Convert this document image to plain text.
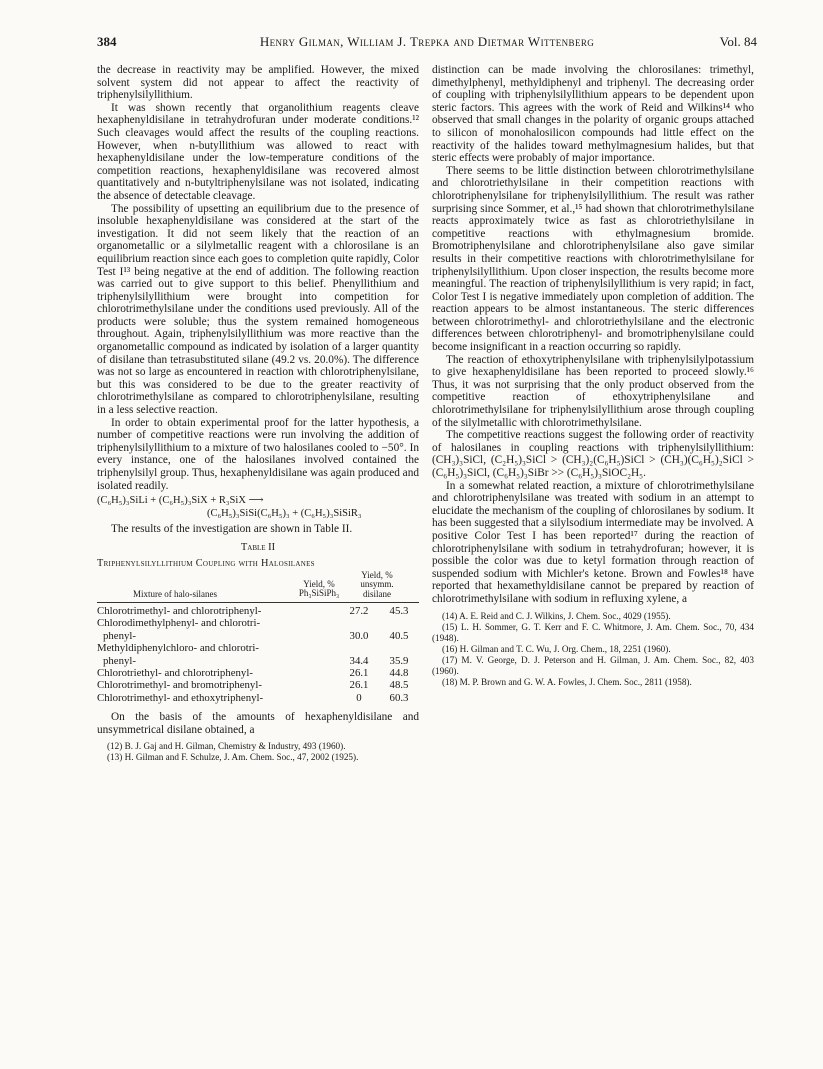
384	Henry Gilman, William J. Trepka and Dietmar Wittenberg	Vol. 84

the decrease in reactivity may be amplified. However, the mixed solvent system did not appear to affect the reactivity of triphenylsilyllithium.

It was shown recently that organolithium reagents cleave hexaphenyldisilane in tetrahydrofuran under moderate conditions.¹² Such cleavages would affect the results of the coupling reactions. However, when n-butyllithium was allowed to react with hexaphenyldisilane under the low-temperature conditions of the competition reactions, hexaphenyldisilane was recovered almost quantitatively and n-butyltriphenylsilane was not isolated, indicating the absence of detectable cleavage.

The possibility of upsetting an equilibrium due to the presence of insoluble hexaphenyldisilane was considered at the start of the investigation. It did not seem likely that the reaction of an organometallic or a silylmetallic reagent with a chlorosilane is an equilibrium reaction since each goes to completion quite rapidly, Color Test I¹³ being negative at the end of addition. The following reaction was carried out to give support to this belief. Phenyllithium and triphenylsilyllithium were brought into competition for chlorotrimethylsilane under the conditions used previously. All of the products were soluble; thus the system remained homogeneous throughout. Again, triphenylsilyllithium was more reactive than the organometallic compound as indicated by isolation of a larger quantity of disilane than tetrasubstituted silane (49.2 vs. 20.0%). The difference was not so large as encountered in reaction with chlorotriphenylsilane, but this was considered to be due to the greater reactivity of chlorotrimethylsilane as compared to chlorotriphenylsilane, resulting in a less selective reaction.

In order to obtain experimental proof for the latter hypothesis, a number of competitive reactions were run involving the addition of triphenylsilyllithium to a mixture of two halosilanes cooled to −50°. In every instance, one of the halosilanes involved contained the triphenylsilyl group. Thus, hexaphenyldisilane was again produced and isolated readily.

(C₆H₅)₃SiLi + (C₆H₅)₃SiX + R₃SiX ⟶
(C₆H₅)₃SiSi(C₆H₅)₃ + (C₆H₅)₃SiSiR₃

The results of the investigation are shown in Table II.

Table II
Triphenylsilyllithium Coupling with Halosilanes
Mixture of halo-silanes
Yield, % Ph₃SiSiPh₃
Yield, % unsymm. disilane
Chlorotrimethyl- and chlorotriphenyl-	27.2	45.3
Chlorodimethylphenyl- and chlorotri-		
phenyl-	30.0	40.5
Methyldiphenylchloro- and chlorotri-		
phenyl-	34.4	35.9
Chlorotriethyl- and chlorotriphenyl-	26.1	44.8
Chlorotrimethyl- and bromotriphenyl-	26.1	48.5
Chlorotrimethyl- and ethoxytriphenyl-	0	60.3

On the basis of the amounts of hexaphenyldisilane and unsymmetrical disilane obtained, a

(12) B. J. Gaj and H. Gilman, Chemistry & Industry, 493 (1960).

(13) H. Gilman and F. Schulze, J. Am. Chem. Soc., 47, 2002 (1925).

distinction can be made involving the chlorosilanes: trimethyl, dimethylphenyl, methyldiphenyl and triphenyl. The decreasing order of coupling with triphenylsilyllithium appears to be dependent upon steric factors. This agrees with the work of Reid and Wilkins¹⁴ who observed that small changes in the polarity of organic groups attached to silicon of monohalosilicon compounds had little effect on the reactivity of the halides toward methylmagnesium halides, but that steric effects were probably of major importance.

There seems to be little distinction between chlorotrimethylsilane and chlorotriethylsilane in their competition reactions with chlorotriphenylsilane for triphenylsilyllithium. The result was rather surprising since Sommer, et al.,¹⁵ had shown that chlorotrimethylsilane reacts approximately twice as fast as chlorotriethylsilane in competitive reactions with ethylmagnesium bromide. Bromotriphenylsilane and chlorotriphenylsilane also gave similar results in their competitive reactions with chlorotrimethylsilane for triphenylsilyllithium. Upon closer inspection, the results become more meaningful. The reaction of triphenylsilyllithium is very rapid; in fact, Color Test I is negative immediately upon completion of addition. The reaction appears to be almost instantaneous. The steric differences between chlorotrimethyl- and chlorotriethylsilane and the electronic differences between chlorotriphenyl- and bromotriphenylsilane could become insignificant in a reaction occurring so rapidly.

The reaction of ethoxytriphenylsilane with triphenylsilylpotassium to give hexaphenyldisilane has been reported to proceed slowly.¹⁶ Thus, it was not surprising that the only product observed from the competitive reaction of ethoxytriphenylsilane and chlorotrimethylsilane for triphenylsilyllithium arose through coupling of the silylmetallic with chlorotrimethylsilane.

The competitive reactions suggest the following order of reactivity of halosilanes in coupling reactions with triphenylsilyllithium: (CH₃)₃SiCl, (C₂H₅)₃SiCl > (CH₃)₂(C₆H₅)SiCl > (CH₃)(C₆H₅)₂SiCl > (C₆H₅)₃SiCl, (C₆H₅)₃SiBr >> (C₆H₅)₃SiOC₂H₅.

In a somewhat related reaction, a mixture of chlorotrimethylsilane and chlorotriphenylsilane was treated with sodium in an attempt to elucidate the mechanism of the coupling of chlorosilanes by sodium. It has been suggested that a silylsodium intermediate may be involved. A positive Color Test I has been reported¹⁷ during the reaction of chlorotriphenylsilane with sodium in tetrahydrofuran; however, it is possible the color was due to ketyl formation through reaction of suspended sodium with Michler's ketone. Brown and Fowles¹⁸ have reported that hexamethyldisilane cannot be prepared by reaction of chlorotrimethylsilane with sodium in refluxing xylene, a

(14) A. E. Reid and C. J. Wilkins, J. Chem. Soc., 4029 (1955).

(15) L. H. Sommer, G. T. Kerr and F. C. Whitmore, J. Am. Chem. Soc., 70, 434 (1948).

(16) H. Gilman and T. C. Wu, J. Org. Chem., 18, 2251 (1960).

(17) M. V. George, D. J. Peterson and H. Gilman, J. Am. Chem. Soc., 82, 403 (1960).

(18) M. P. Brown and G. W. A. Fowles, J. Chem. Soc., 2811 (1958).
